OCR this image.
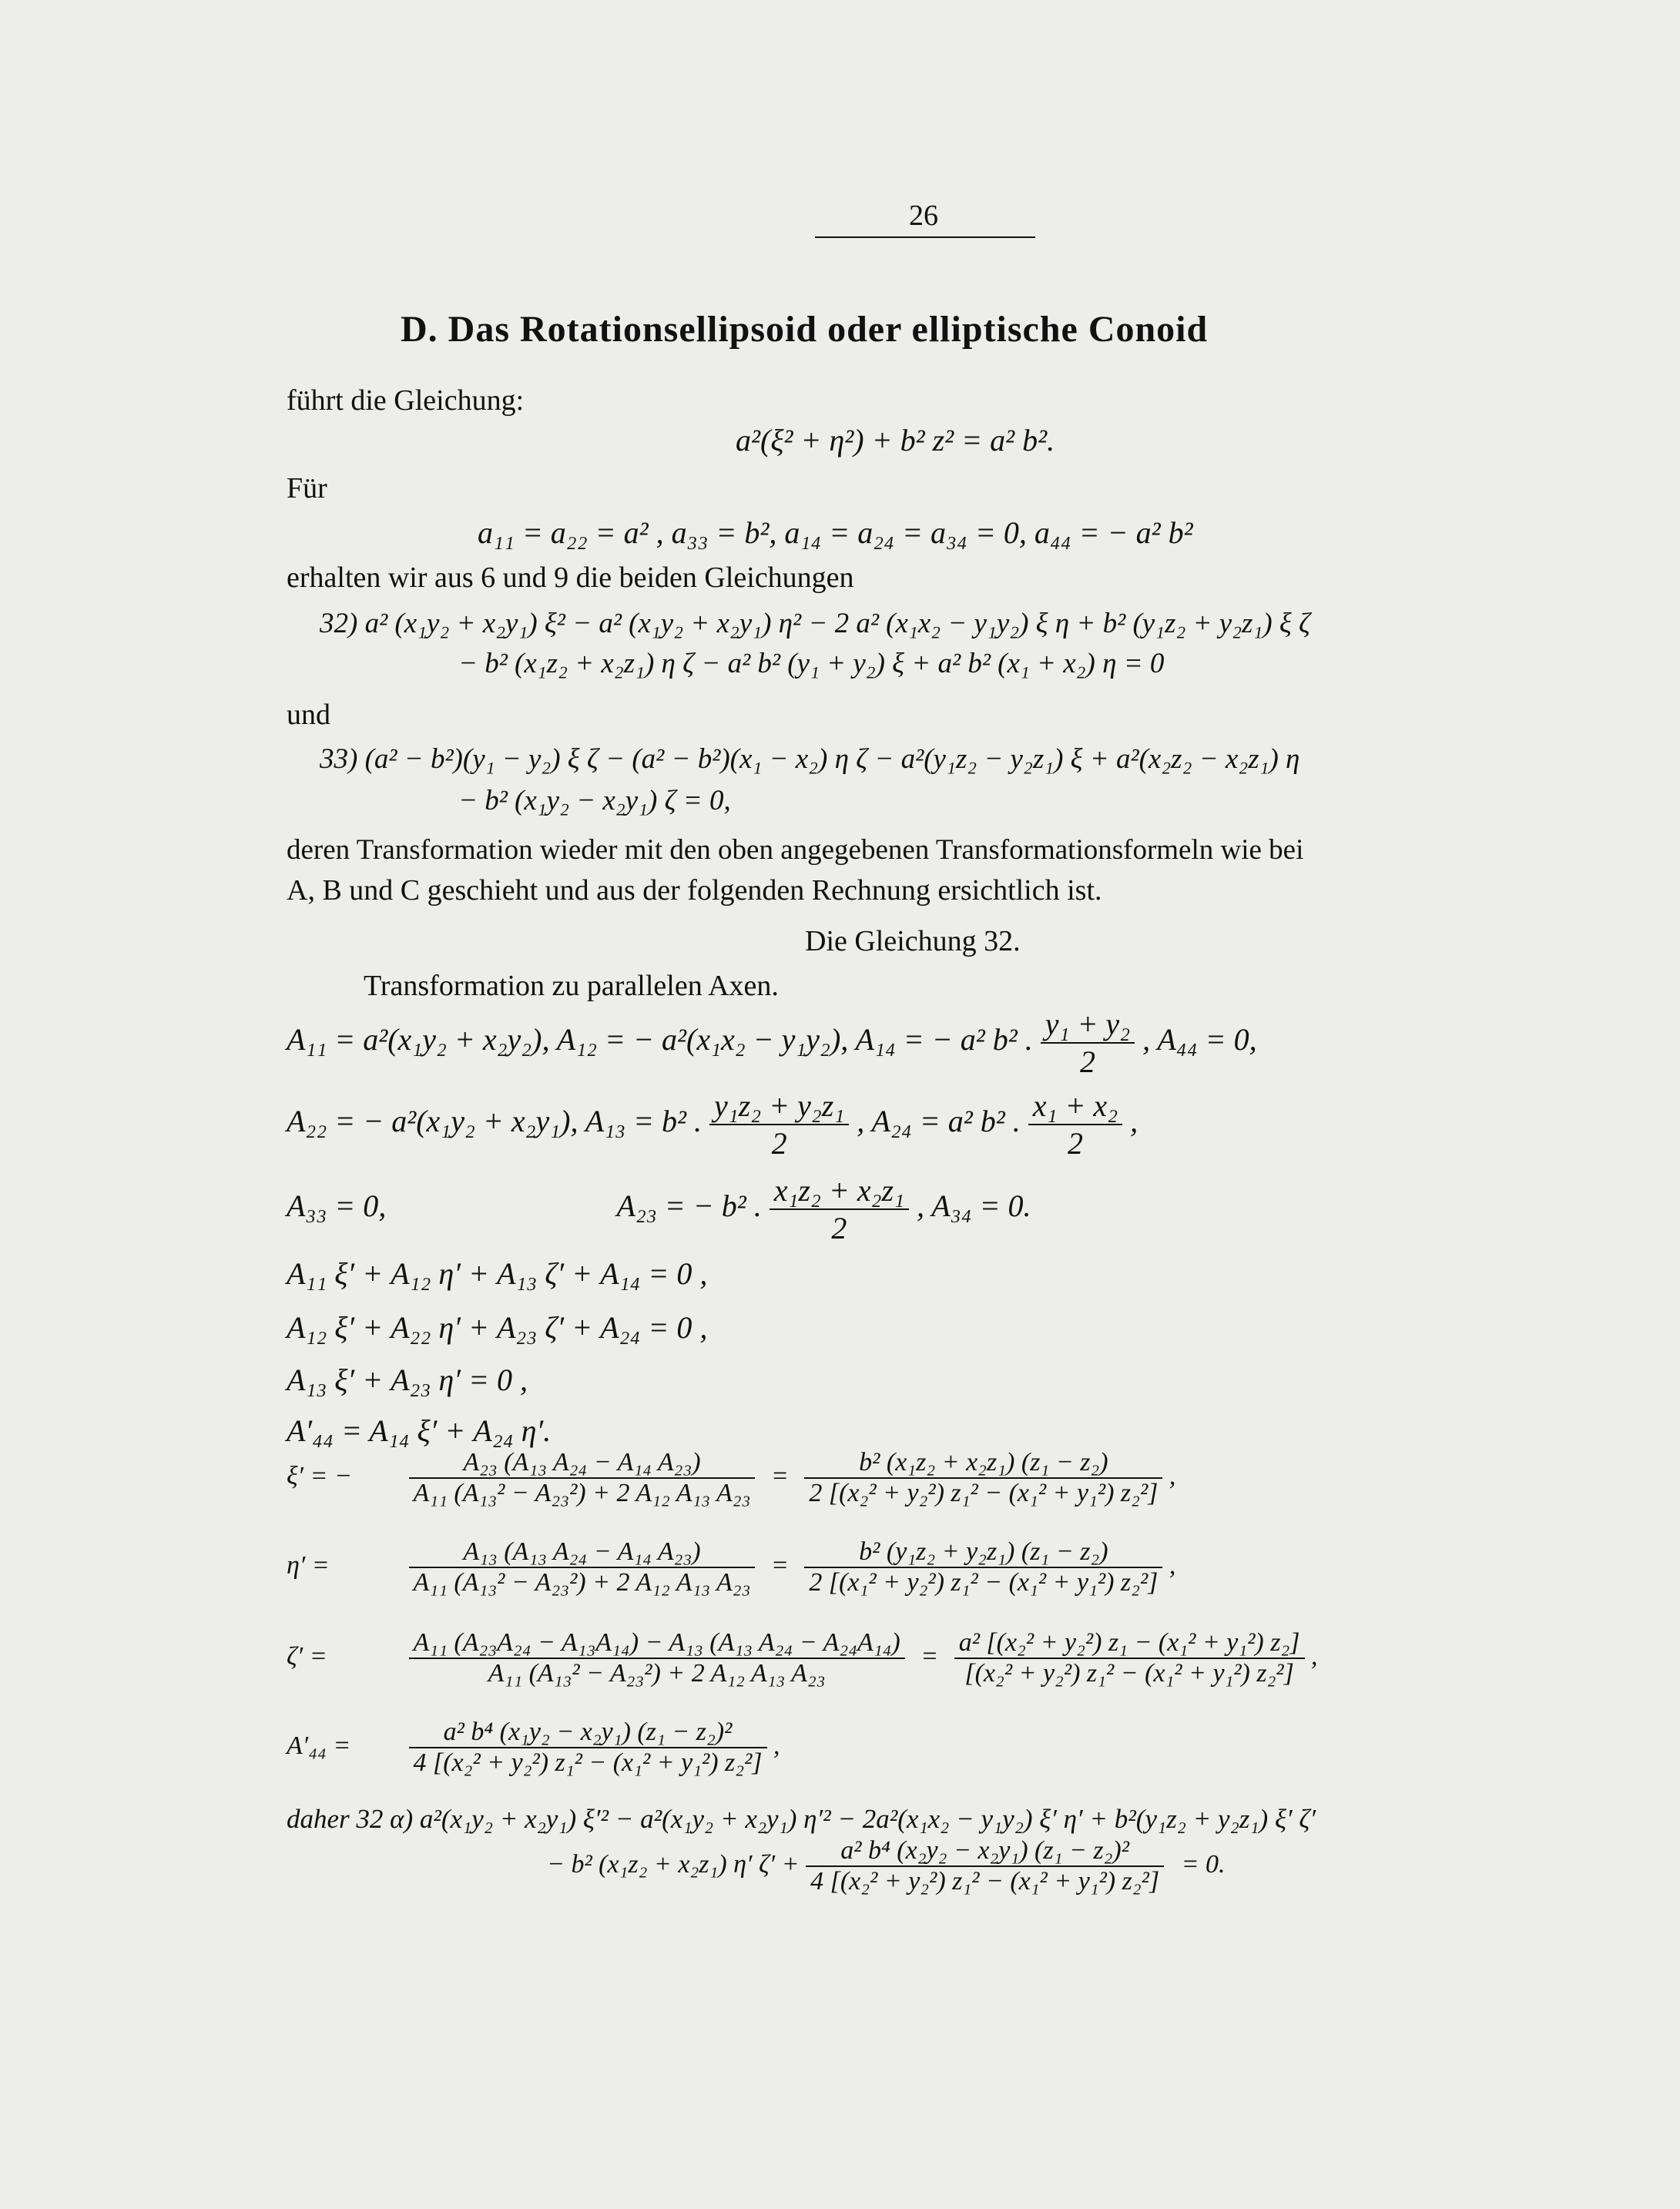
26
D. Das Rotationsellipsoid oder elliptische Conoid
führt die Gleichung:
a²(ξ² + η²) + b² z² = a² b².
Für
a₁₁ = a₂₂ = a² , a₃₃ = b², a₁₄ = a₂₄ = a₃₄ = 0, a₄₄ = − a² b²
erhalten wir aus 6 und 9 die beiden Gleichungen
32) a² (x₁y₂ + x₂y₁) ξ² − a² (x₁y₂ + x₂y₁) η² − 2 a² (x₁x₂ − y₁y₂) ξ η + b² (y₁z₂ + y₂z₁) ξ ζ
− b² (x₁z₂ + x₂z₁) η ζ − a² b² (y₁ + y₂) ξ + a² b² (x₁ + x₂) η = 0
und
33) (a² − b²)(y₁ − y₂) ξ ζ − (a² − b²)(x₁ − x₂) η ζ − a²(y₁z₂ − y₂z₁) ξ + a²(x₂z₂ − x₂z₁) η
− b² (x₁y₂ − x₂y₁) ζ = 0,
deren Transformation wieder mit den oben angegebenen Transformationsformeln wie bei
A, B und C geschieht und aus der folgenden Rechnung ersichtlich ist.
Die Gleichung 32.
Transformation zu parallelen Axen.
A₁₁ = a²(x₁y₂ + x₂y₂), A₁₂ = − a²(x₁x₂ − y₁y₂), A₁₄ = − a² b² . $\frac{\text{y₁ + y₂}}{2}$ , A₄₄ = 0,
A₂₂ = − a²(x₁y₂ + x₂y₁), A₁₃ = b² . $\frac{\text{y₁z₂ + y₂z₁}}{2}$ , A₂₄ = a² b² . $\frac{\text{x₁ + x₂}}{2}$ ,
A₃₃ = 0,	A₂₃ = − b² . $\frac{\text{x₁z₂ + x₂z₁}}{2}$ , A₃₄ = 0.
A₁₁ ξ′ + A₁₂ η′ + A₁₃ ζ′ + A₁₄ = 0 ,
A₁₂ ξ′ + A₂₂ η′ + A₂₃ ζ′ + A₂₄ = 0 ,
A₁₃ ξ′ + A₂₃ η′ = 0 ,
A′₄₄ = A₁₄ ξ′ + A₂₄ η′.
ξ′ = − $\frac{\text{A₂₃ (A₁₃ A₂₄ − A₁₄ A₂₃)}}{\text{A₁₁ (A₁₃² − A₂₃²) + 2 A₁₂ A₁₃ A₂₃}} = \frac{\text{b² (x₁z₂ + x₂z₁) (z₁ − z₂)}}{\text{2 [(x₂² + y₂²) z₁² − (x₁² + y₁²) z₂²]}}$ ,
η′ =	$\frac{\text{A₁₃ (A₁₃ A₂₄ − A₁₄ A₂₃)}}{\text{A₁₁ (A₁₃² − A₂₃²) + 2 A₁₂ A₁₃ A₂₃}} = \frac{\text{b² (y₁z₂ + y₂z₁) (z₁ − z₂)}}{\text{2 [(x₁² + y₂²) z₁² − (x₁² + y₁²) z₂²]}}$ ,
ζ′ =	$\frac{\text{A₁₁ (A₂₃A₂₄ − A₁₃A₁₄) − A₁₃ (A₁₃ A₂₄ − A₂₄A₁₄)}}{\text{A₁₁ (A₁₃² − A₂₃²) + 2 A₁₂ A₁₃ A₂₃}} = \frac{\text{a² [(x₂² + y₂²) z₁ − (x₁² + y₁²) z₂]}}{\text{[(x₂² + y₂²) z₁² − (x₁² + y₁²) z₂²]}}$ ,
$A'_{44} = \frac{\text{a² b⁴ (x₁y₂ − x₂y₁) (z₁ − z₂)²}}{\text{4 [(x₂² + y₂²) z₁² − (x₁² + y₁²) z₂²]}}$ ,
daher 32 α) a²(x₁y₂ + x₂y₁) ξ′² − a²(x₁y₂ + x₂y₁) η′² − 2a²(x₁x₂ − y₁y₂) ξ′ η′ + b²(y₁z₂ + y₂z₁) ξ′ ζ′
− b² (x₁z₂ + x₂z₁) η′ $\zeta' + \frac{\text{a² b⁴ (x₂y₂ − x₂y₁) (z₁ − z₂)²}}{\text{4 [(x₂² + y₂²) z₁² − (x₁² + y₁²) z₂²]}} = 0$.
